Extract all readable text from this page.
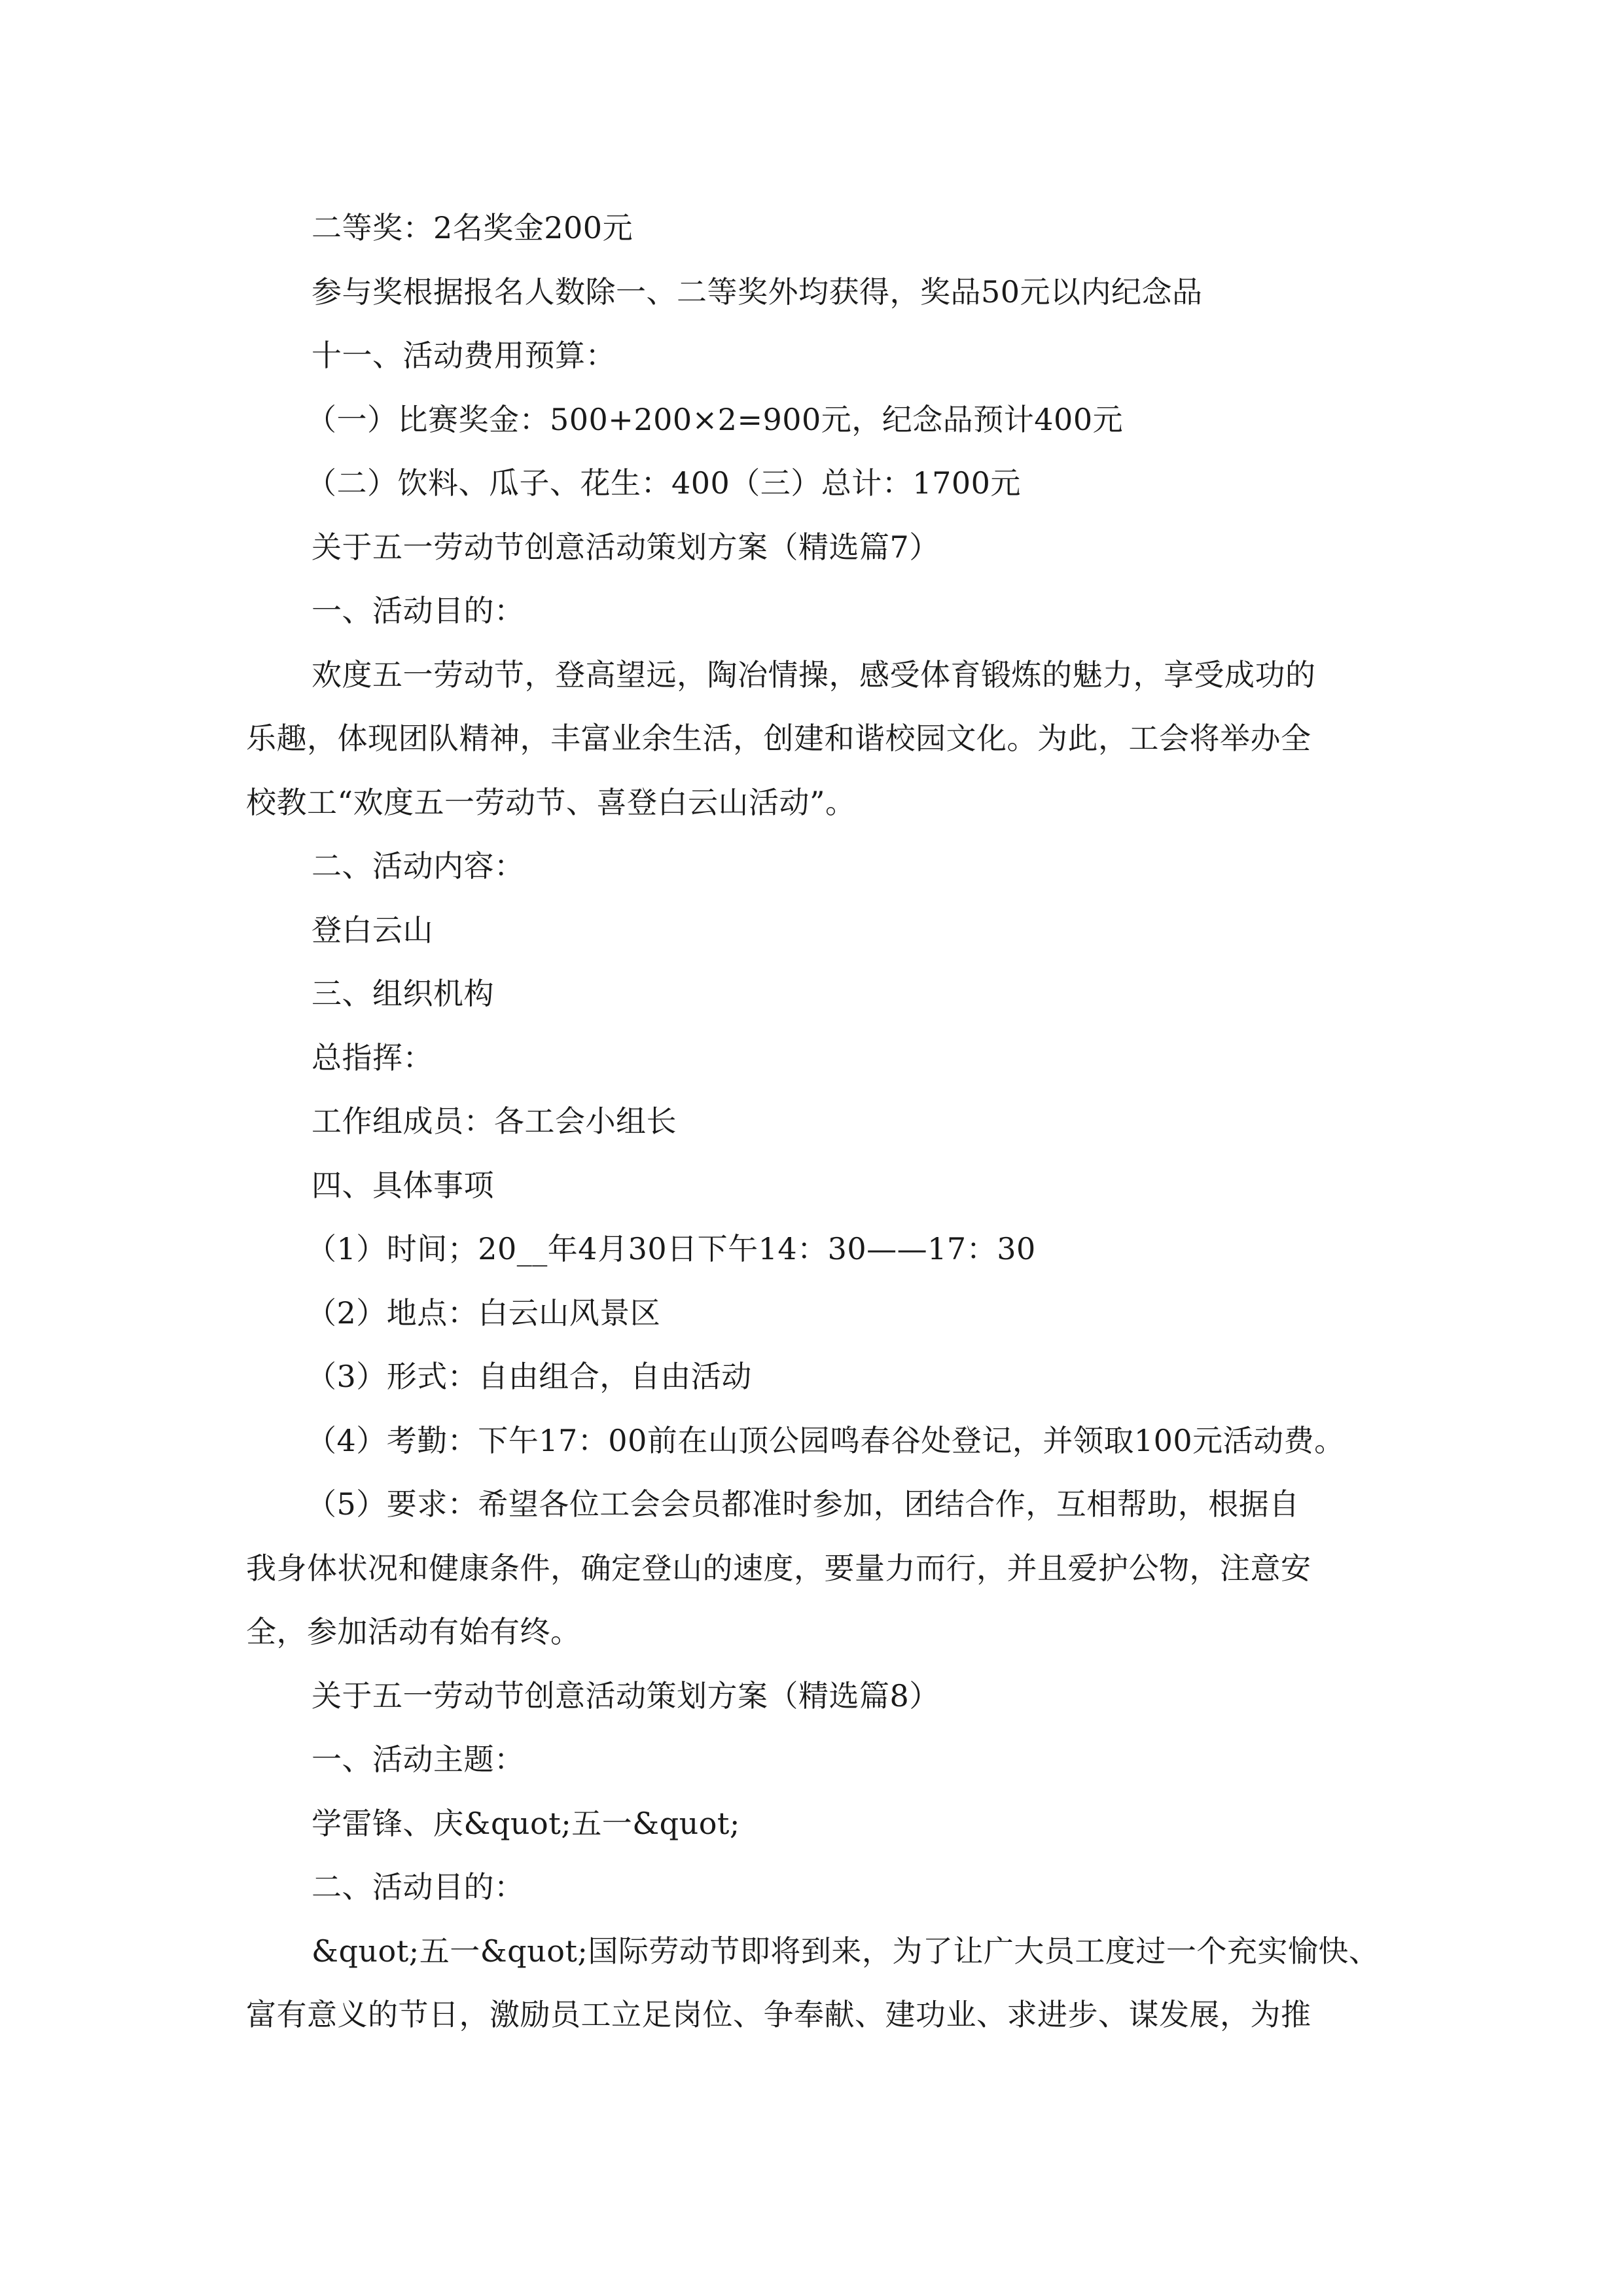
二等奖：2名奖金200元

参与奖根据报名人数除一、二等奖外均获得，奖品50元以内纪念品

十一、活动费用预算：

（一）比赛奖金：500+200×2=900元，纪念品预计400元

（二）饮料、瓜子、花生：400（三）总计：1700元

关于五一劳动节创意活动策划方案（精选篇7）

一、活动目的：

欢度五一劳动节，登高望远，陶冶情操，感受体育锻炼的魅力，享受成功的

乐趣，体现团队精神，丰富业余生活，创建和谐校园文化。为此，工会将举办全

校教工“欢度五一劳动节、喜登白云山活动”。

二、活动内容：

登白云山

三、组织机构

总指挥：

工作组成员：各工会小组长

四、具体事项

（1）时间；20__年4月30日下午14：30——17：30

（2）地点：白云山风景区

（3）形式：自由组合，自由活动

（4）考勤：下午17：00前在山顶公园鸣春谷处登记，并领取100元活动费。

（5）要求：希望各位工会会员都准时参加，团结合作，互相帮助，根据自

我身体状况和健康条件，确定登山的速度，要量力而行，并且爱护公物，注意安

全，参加活动有始有终。

关于五一劳动节创意活动策划方案（精选篇8）

一、活动主题：

学雷锋、庆&quot;五一&quot;

二、活动目的：

&quot;五一&quot;国际劳动节即将到来，为了让广大员工度过一个充实愉快、

富有意义的节日，激励员工立足岗位、争奉献、建功业、求进步、谋发展，为推
